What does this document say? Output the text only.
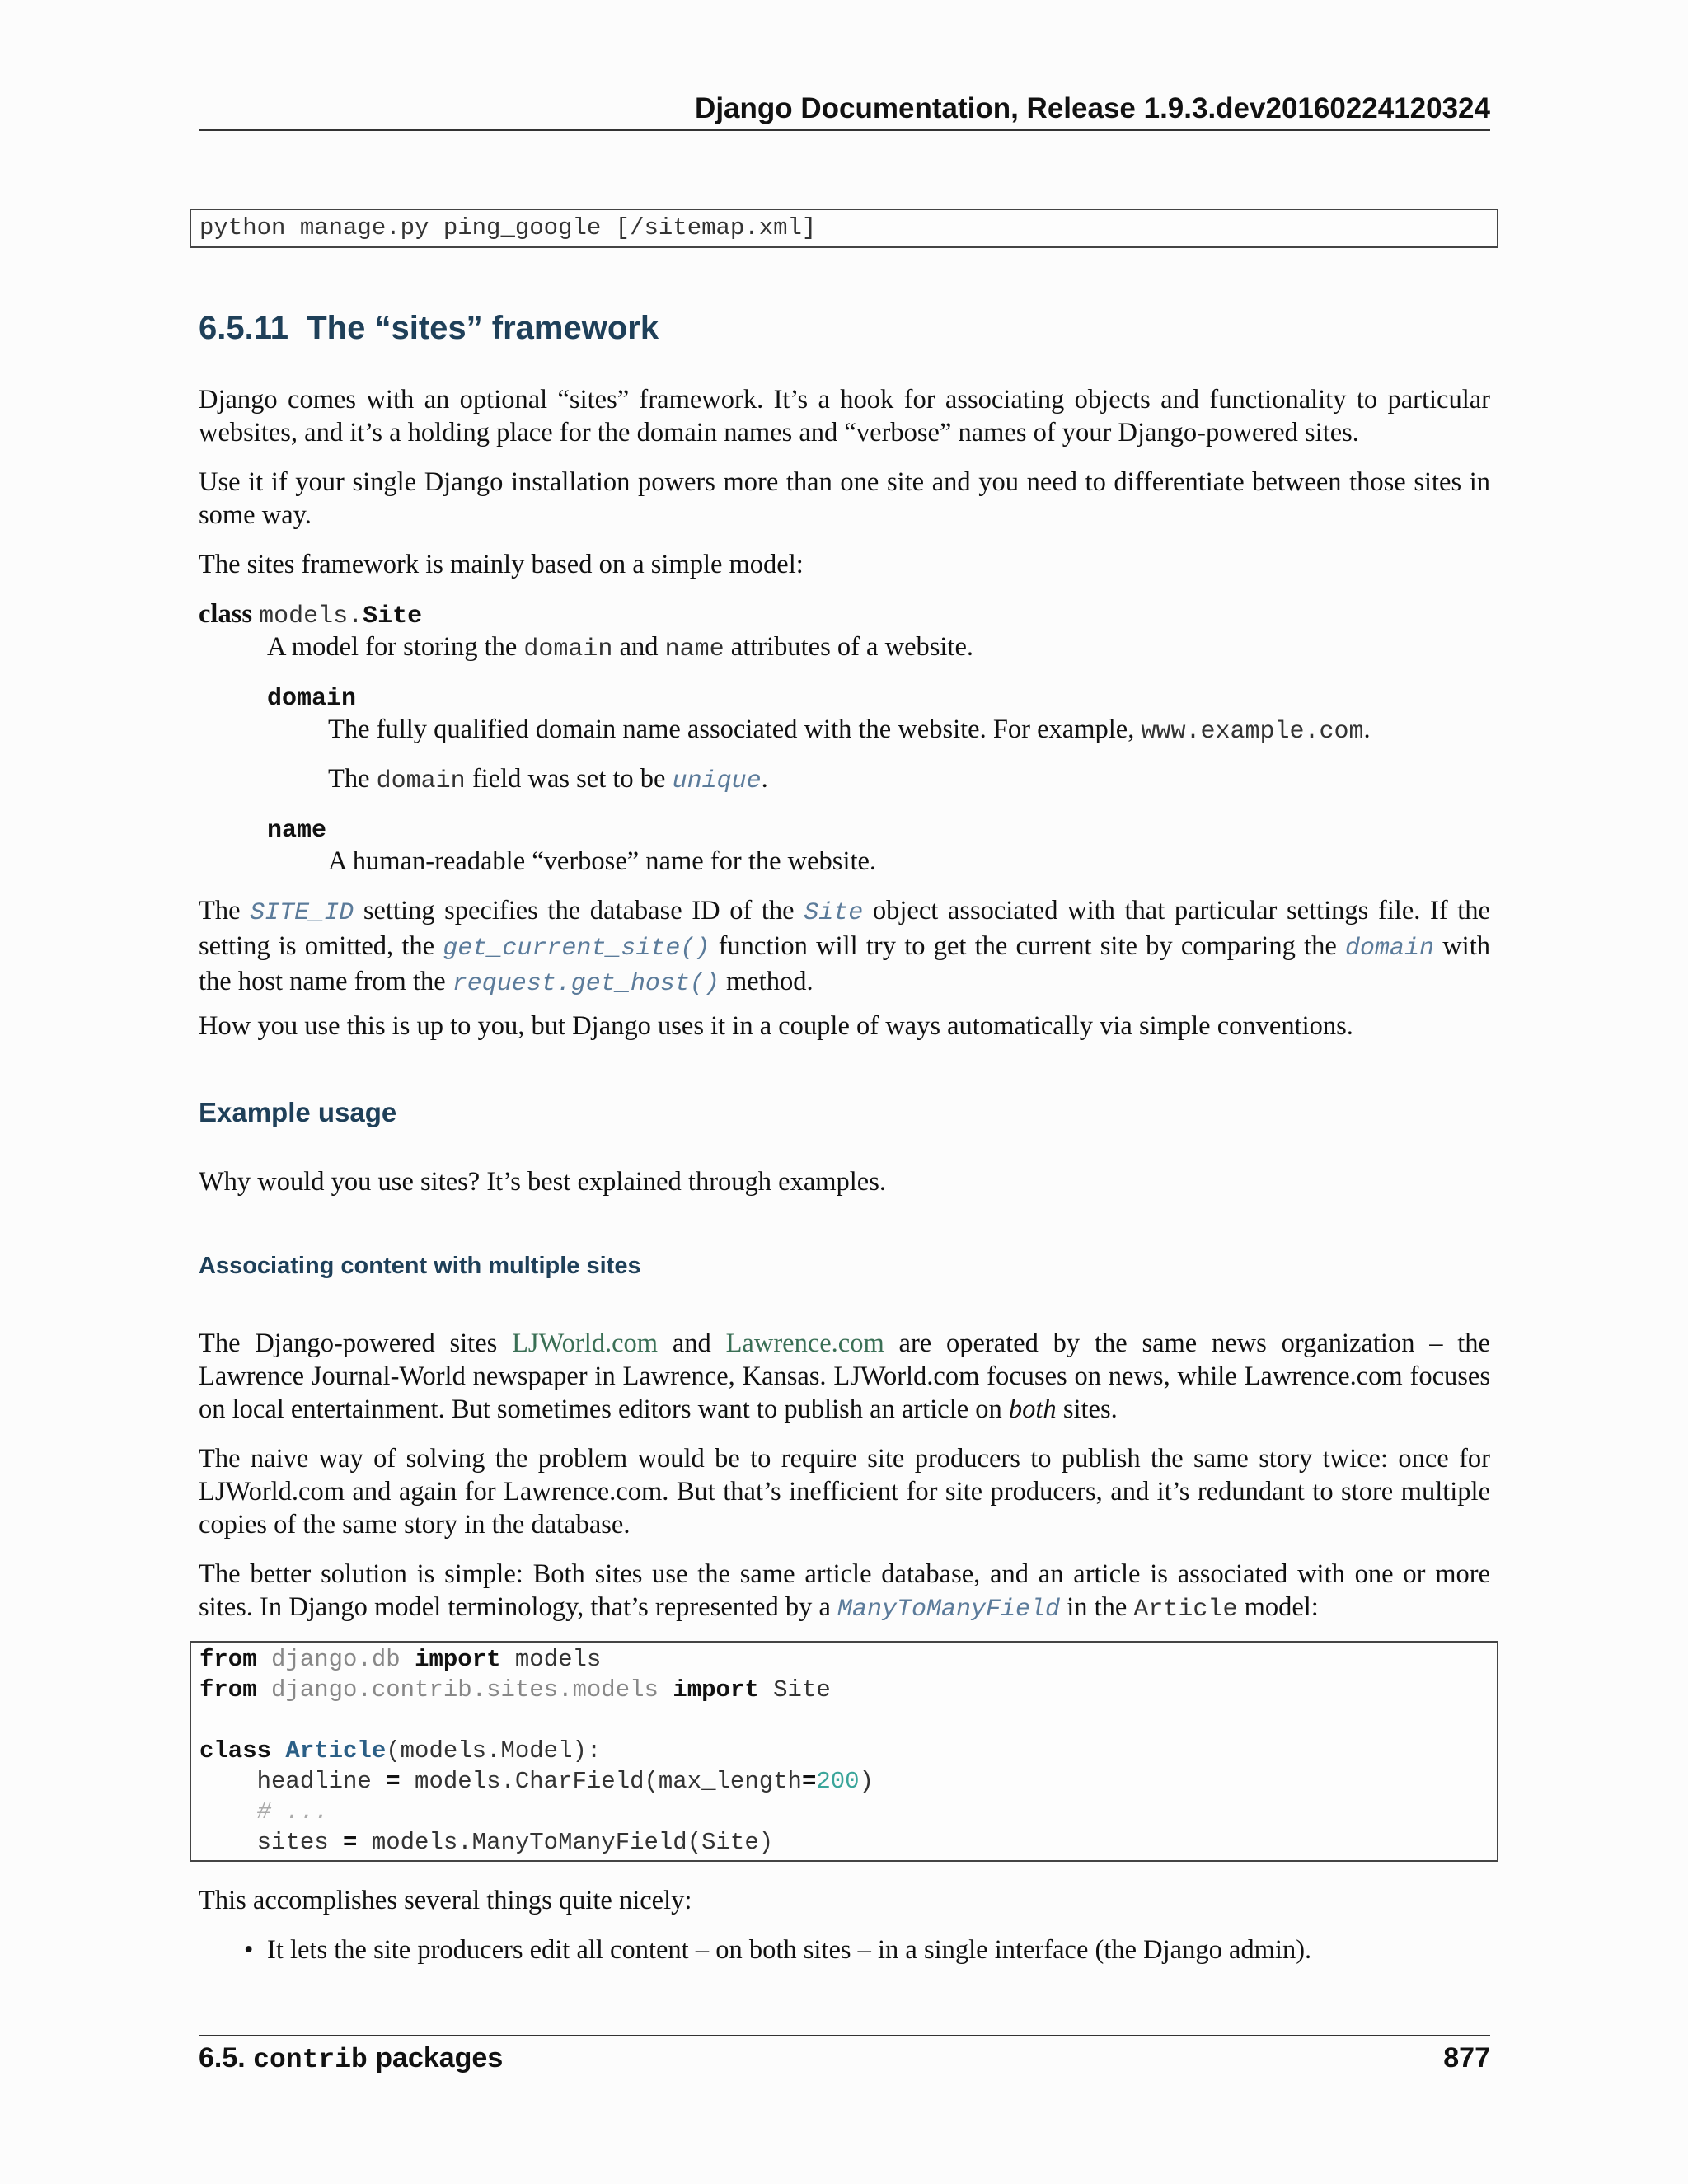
Django Documentation, Release 1.9.3.dev20160224120324
python manage.py ping_google [/sitemap.xml]
6.5.11 The “sites” framework
Django comes with an optional “sites” framework. It’s a hook for associating objects and functionality to particular websites, and it’s a holding place for the domain names and “verbose” names of your Django-powered sites.
Use it if your single Django installation powers more than one site and you need to differentiate between those sites in some way.
The sites framework is mainly based on a simple model:
class models.Site
A model for storing the domain and name attributes of a website.
domain
The fully qualified domain name associated with the website. For example, www.example.com.
The domain field was set to be unique.
name
A human-readable “verbose” name for the website.
The SITE_ID setting specifies the database ID of the Site object associated with that particular settings file. If the setting is omitted, the get_current_site() function will try to get the current site by comparing the domain with the host name from the request.get_host() method.
How you use this is up to you, but Django uses it in a couple of ways automatically via simple conventions.
Example usage
Why would you use sites? It’s best explained through examples.
Associating content with multiple sites
The Django-powered sites LJWorld.com and Lawrence.com are operated by the same news organization – the Lawrence Journal-World newspaper in Lawrence, Kansas. LJWorld.com focuses on news, while Lawrence.com focuses on local entertainment. But sometimes editors want to publish an article on both sites.
The naive way of solving the problem would be to require site producers to publish the same story twice: once for LJWorld.com and again for Lawrence.com. But that’s inefficient for site producers, and it’s redundant to store multiple copies of the same story in the database.
The better solution is simple: Both sites use the same article database, and an article is associated with one or more sites. In Django model terminology, that’s represented by a ManyToManyField in the Article model:
from django.db import models
from django.contrib.sites.models import Site
class Article(models.Model):
headline = models.CharField(max_length=200)
# ...
sites = models.ManyToManyField(Site)
This accomplishes several things quite nicely:
• It lets the site producers edit all content – on both sites – in a single interface (the Django admin).
6.5. contrib packages	877
